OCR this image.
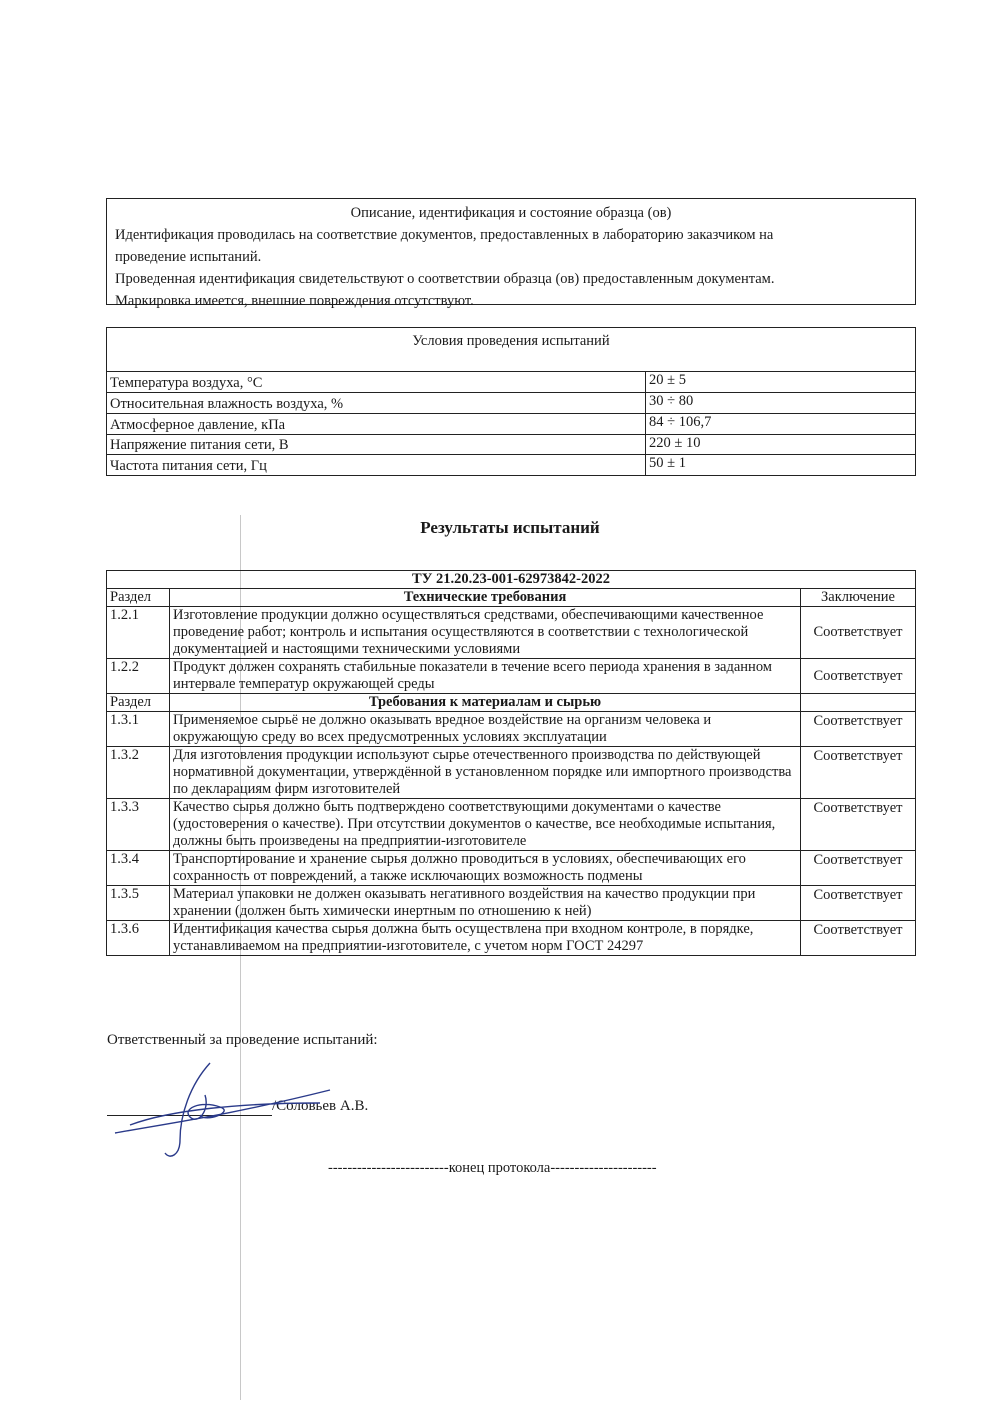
Описание, идентификация и состояние образца (ов)
Идентификация проводилась на соответствие документов, предоставленных в лабораторию заказчиком на
проведение испытаний.
Проведенная идентификация свидетельствуют о соответствии образца (ов) предоставленным документам.
Маркировка имеется, внешние повреждения отсутствуют.
Условия проведения испытаний	
Температура воздуха, °С	20 ± 5
Относительная влажность воздуха, %	30 ÷ 80
Атмосферное давление, кПа	84 ÷ 106,7
Напряжение питания сети, В	220 ± 10
Частота питания сети, Гц	50 ± 1
Результаты испытаний
ТУ 21.20.23-001-62973842-2022		
Раздел	Технические требования	Заключение
1.2.1	Изготовление продукции должно осуществляться средствами, обеспечивающими качественное проведение работ; контроль и испытания осуществляются в соответствии с технологической документацией и настоящими техническими условиями	Соответствует
1.2.2	Продукт должен сохранять стабильные показатели в течение всего периода хранения в заданном интервале температур окружающей среды	Соответствует
Раздел	Требования к материалам и сырью	
1.3.1	Применяемое сырьё не должно оказывать вредное воздействие на организм человека и окружающую среду во всех предусмотренных условиях эксплуатации	Соответствует
1.3.2	Для изготовления продукции используют сырье отечественного производства по действующей нормативной документации, утверждённой в установленном порядке или импортного производства по декларациям фирм изготовителей	Соответствует
1.3.3	Качество сырья должно быть подтверждено соответствующими документами о качестве (удостоверения о качестве). При отсутствии документов о качестве, все необходимые испытания, должны быть произведены на предприятии-изготовителе	Соответствует
1.3.4	Транспортирование и хранение сырья должно проводиться в условиях, обеспечивающих его сохранность от повреждений, а также исключающих возможность подмены	Соответствует
1.3.5	Материал упаковки не должен оказывать негативного воздействия на качество продукции при хранении (должен быть химически инертным по отношению к ней)	Соответствует
1.3.6	Идентификация качества сырья должна быть осуществлена при входном контроле, в порядке, устанавливаемом на предприятии-изготовителе, с учетом норм ГОСТ 24297	Соответствует
Ответственный за проведение испытаний:
/Соловьев А.В.
-------------------------конец протокола----------------------
